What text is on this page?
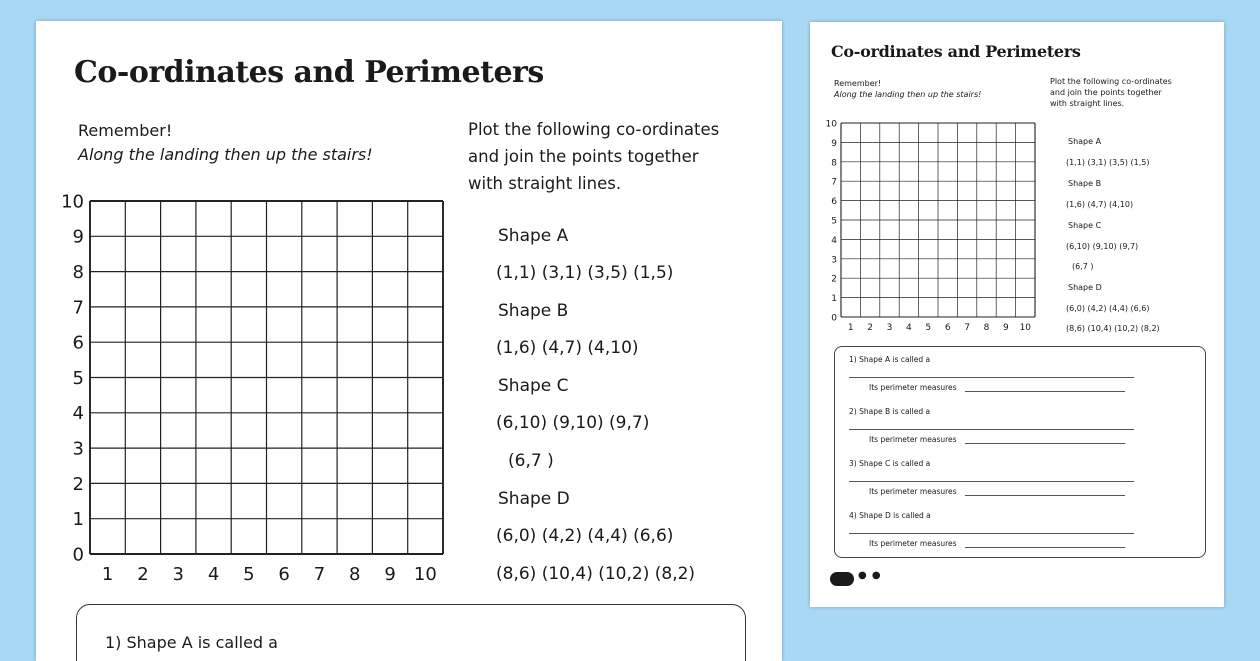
Co-ordinates and Perimeters
Remember!
Along the landing then up the stairs!
Plot the following co-ordinates
and join the points together
with straight lines.
0
1
2
3
4
5
6
7
8
9
10
1 2 3 4 5 6 7 8 9 10
Shape A
(1,1) (3,1) (3,5) (1,5)
Shape B
(1,6) (4,7) (4,10)
Shape C
(6,10) (9,10) (9,7)
(6,7 )
Shape D
(6,0) (4,2) (4,4) (6,6)
(8,6) (10,4) (10,2) (8,2)
1) Shape A is called a
Co-ordinates and Perimeters
Remember!
Along the landing then up the stairs!
Plot the following co-ordinates
and join the points together
with straight lines.
0
1
2
3
4
5
6
7
8
9
10
1 2 3 4 5 6 7 8 9 10
Shape A
(1,1) (3,1) (3,5) (1,5)
Shape B
(1,6) (4,7) (4,10)
Shape C
(6,10) (9,10) (9,7)
(6,7 )
Shape D
(6,0) (4,2) (4,4) (6,6)
(8,6) (10,4) (10,2) (8,2)
1) Shape A is called a
Its perimeter measures
2) Shape B is called a
Its perimeter measures
3) Shape C is called a
Its perimeter measures
4) Shape D is called a
Its perimeter measures
● ●
